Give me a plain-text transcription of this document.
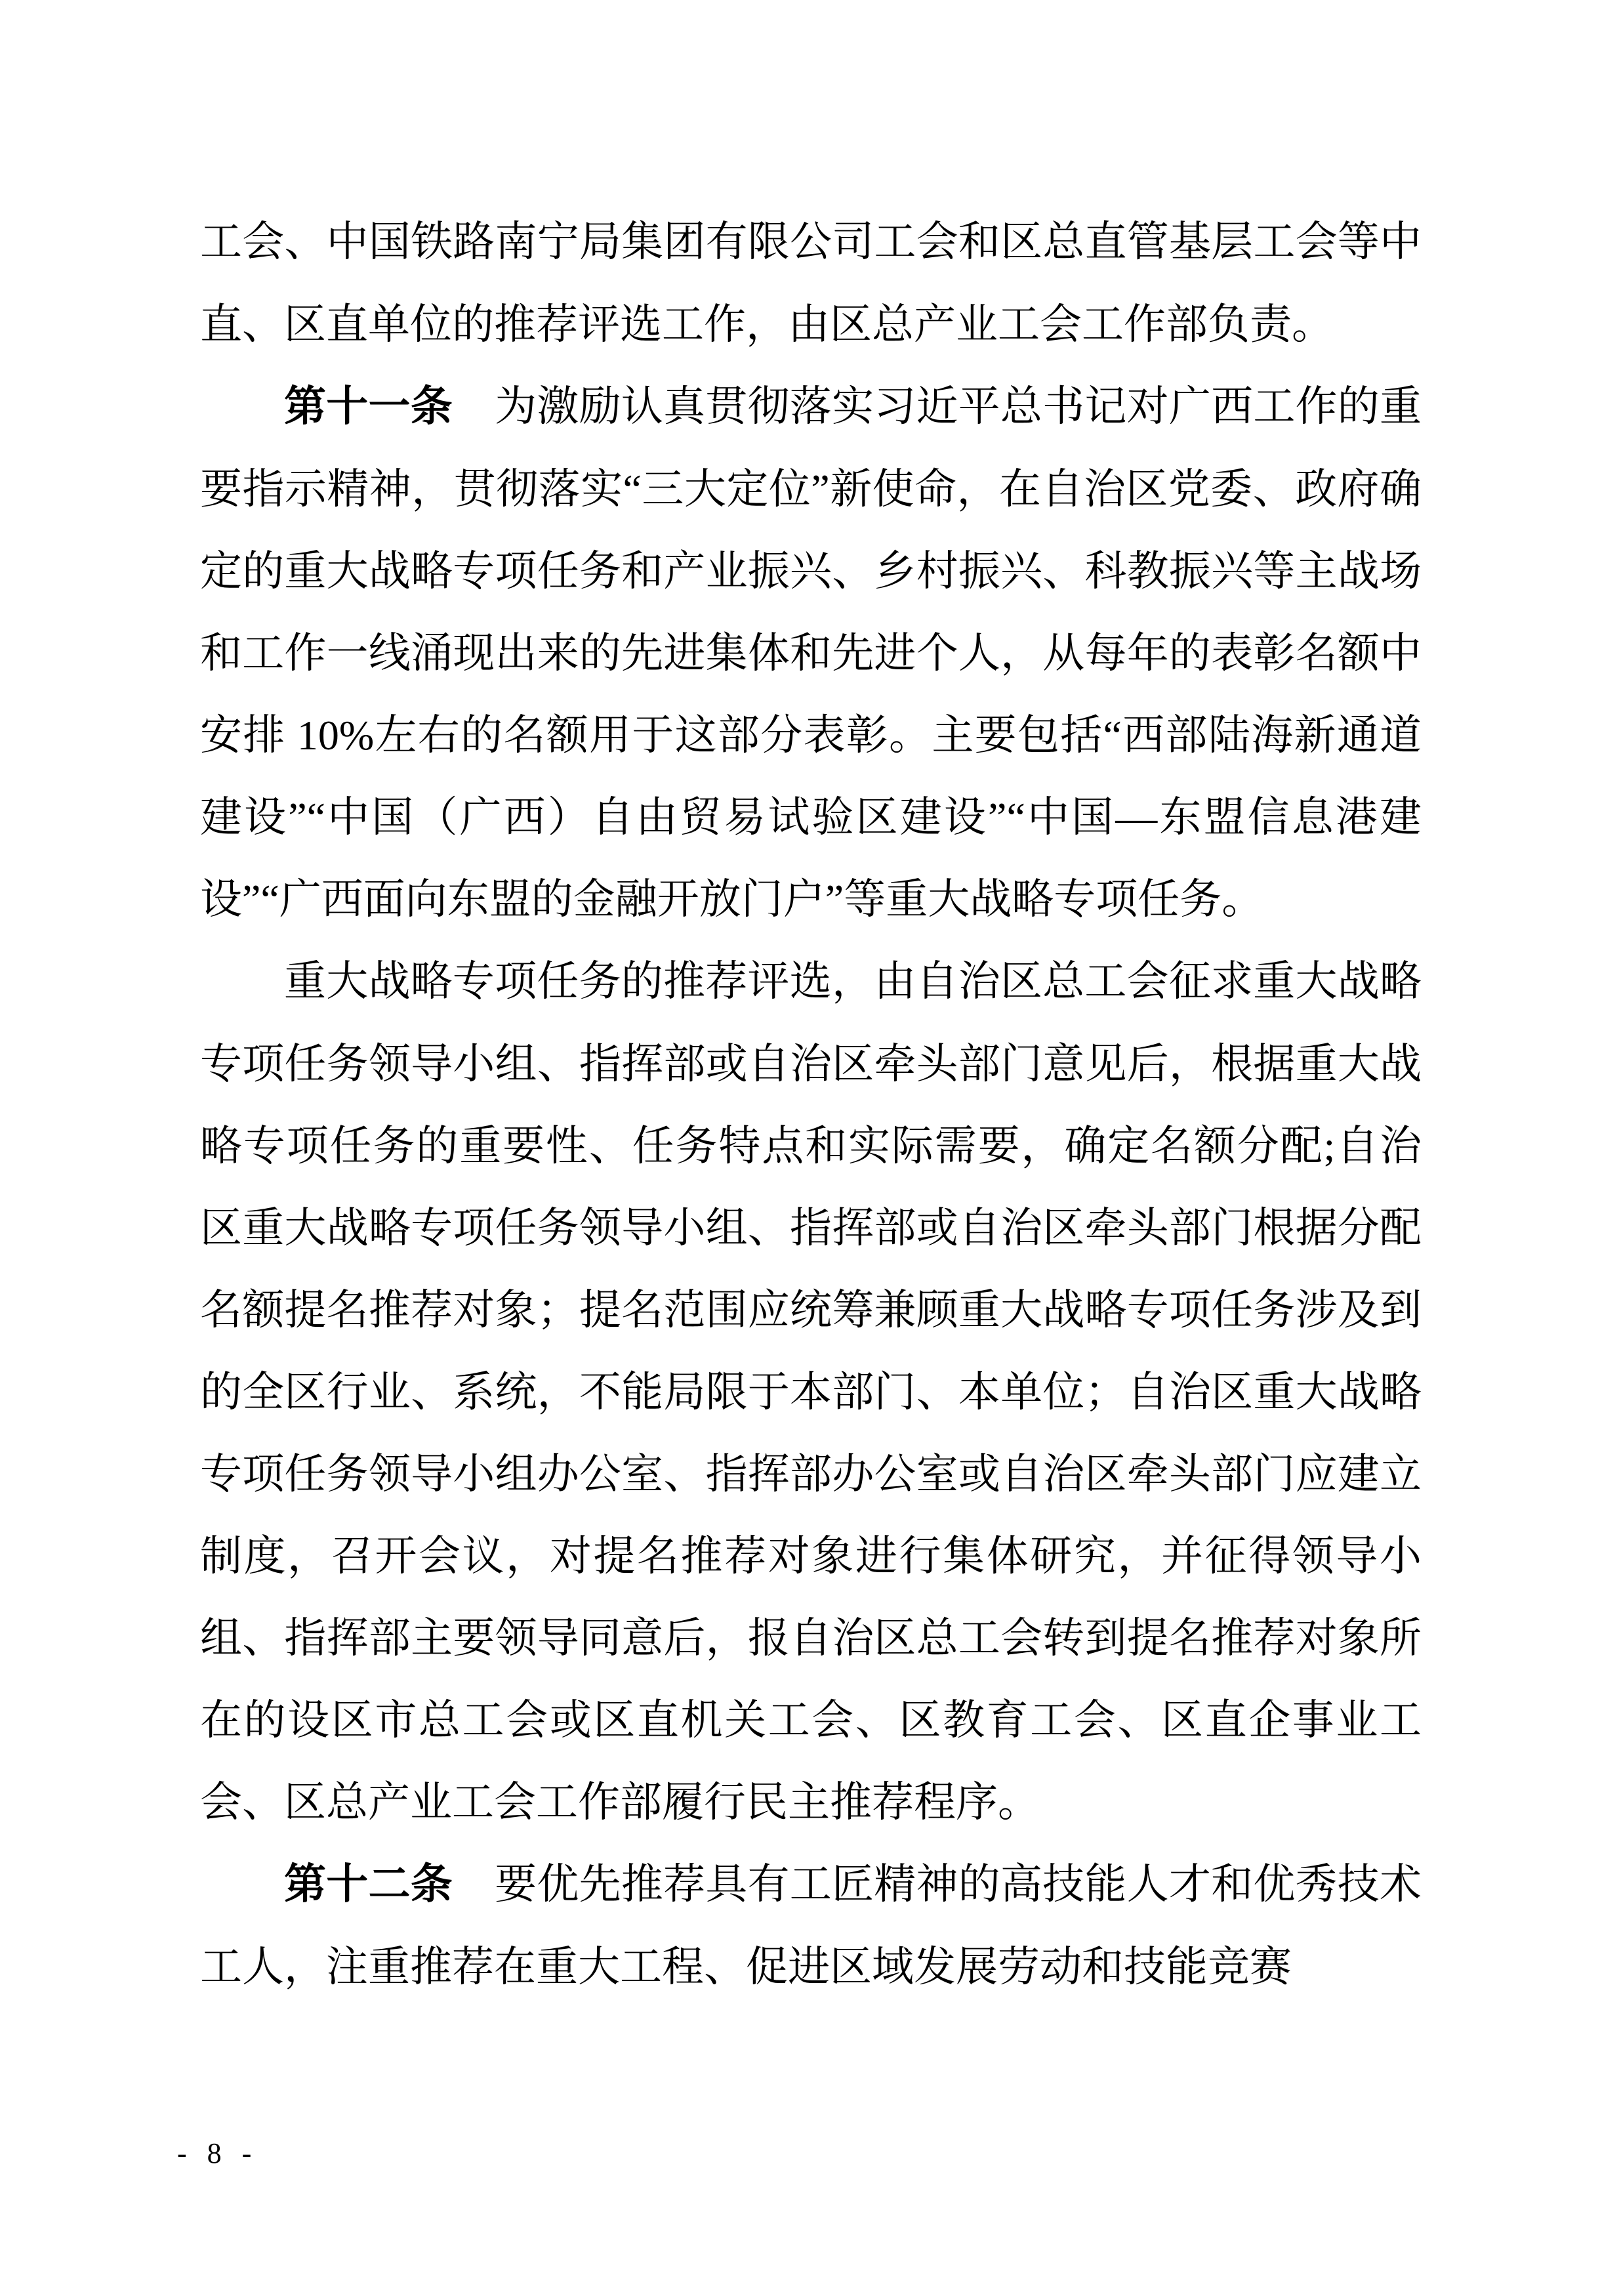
工会、中国铁路南宁局集团有限公司工会和区总直管基层工会等中直、区直单位的推荐评选工作，由区总产业工会工作部负责。

第十一条　为激励认真贯彻落实习近平总书记对广西工作的重要指示精神，贯彻落实“三大定位”新使命，在自治区党委、政府确定的重大战略专项任务和产业振兴、乡村振兴、科教振兴等主战场和工作一线涌现出来的先进集体和先进个人，从每年的表彰名额中安排 10%左右的名额用于这部分表彰。主要包括“西部陆海新通道建设”“中国（广西）自由贸易试验区建设”“中国—东盟信息港建设”“广西面向东盟的金融开放门户”等重大战略专项任务。

重大战略专项任务的推荐评选，由自治区总工会征求重大战略专项任务领导小组、指挥部或自治区牵头部门意见后，根据重大战略专项任务的重要性、任务特点和实际需要，确定名额分配;自治区重大战略专项任务领导小组、指挥部或自治区牵头部门根据分配名额提名推荐对象；提名范围应统筹兼顾重大战略专项任务涉及到的全区行业、系统，不能局限于本部门、本单位；自治区重大战略专项任务领导小组办公室、指挥部办公室或自治区牵头部门应建立制度，召开会议，对提名推荐对象进行集体研究，并征得领导小组、指挥部主要领导同意后，报自治区总工会转到提名推荐对象所在的设区市总工会或区直机关工会、区教育工会、区直企事业工会、区总产业工会工作部履行民主推荐程序。

第十二条　要优先推荐具有工匠精神的高技能人才和优秀技术工人，注重推荐在重大工程、促进区域发展劳动和技能竞赛

- 8 -
